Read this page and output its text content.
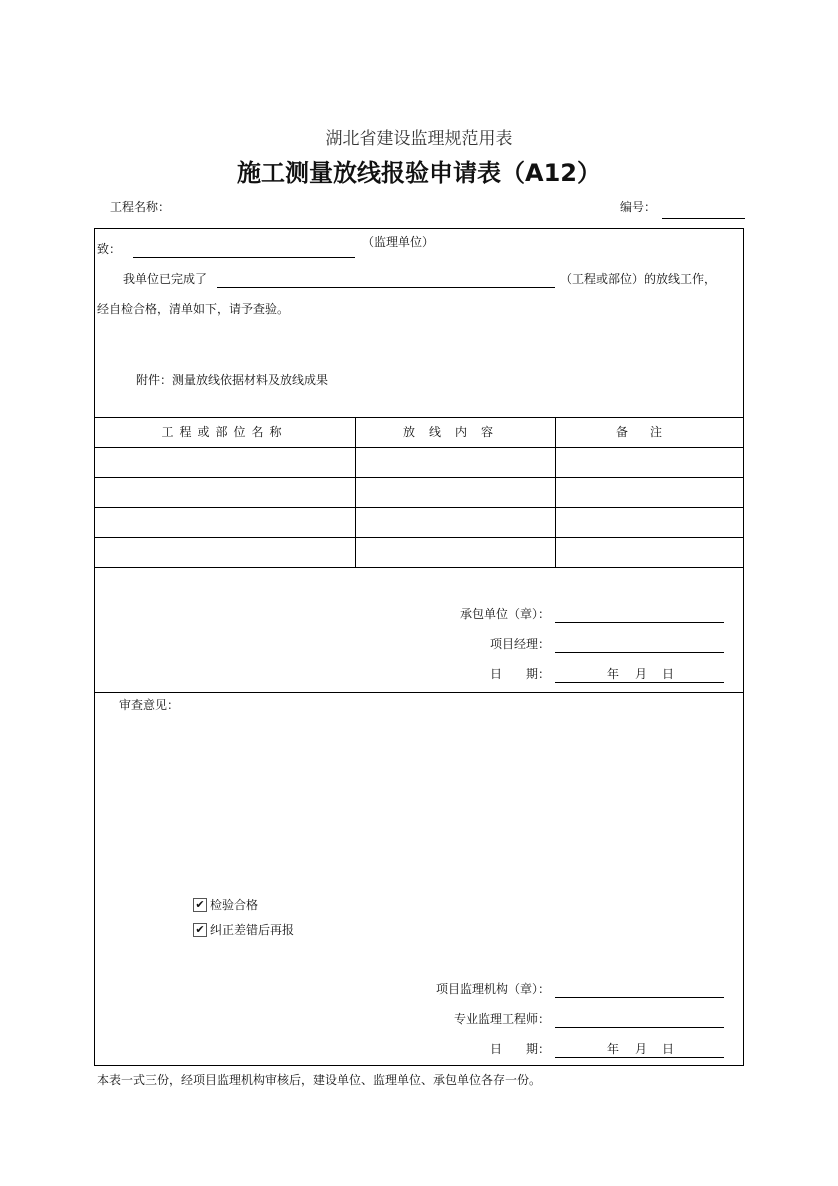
湖北省建设监理规范用表
施工测量放线报验申请表（A12）
工程名称：	编号：
致：	（监理单位）
我单位已完成了	（工程或部位）的放线工作，
经自检合格，清单如下，请予查验。
附件：测量放线依据材料及放线成果
工程或部位名称	放线内容	备注
承包单位（章）：
项目经理：
日　　期：	年 月 日
审查意见：
✔ 检验合格
✔ 纠正差错后再报
项目监理机构（章）：
专业监理工程师：
日　　期：	年 月 日
本表一式三份，经项目监理机构审核后，建设单位、监理单位、承包单位各存一份。
